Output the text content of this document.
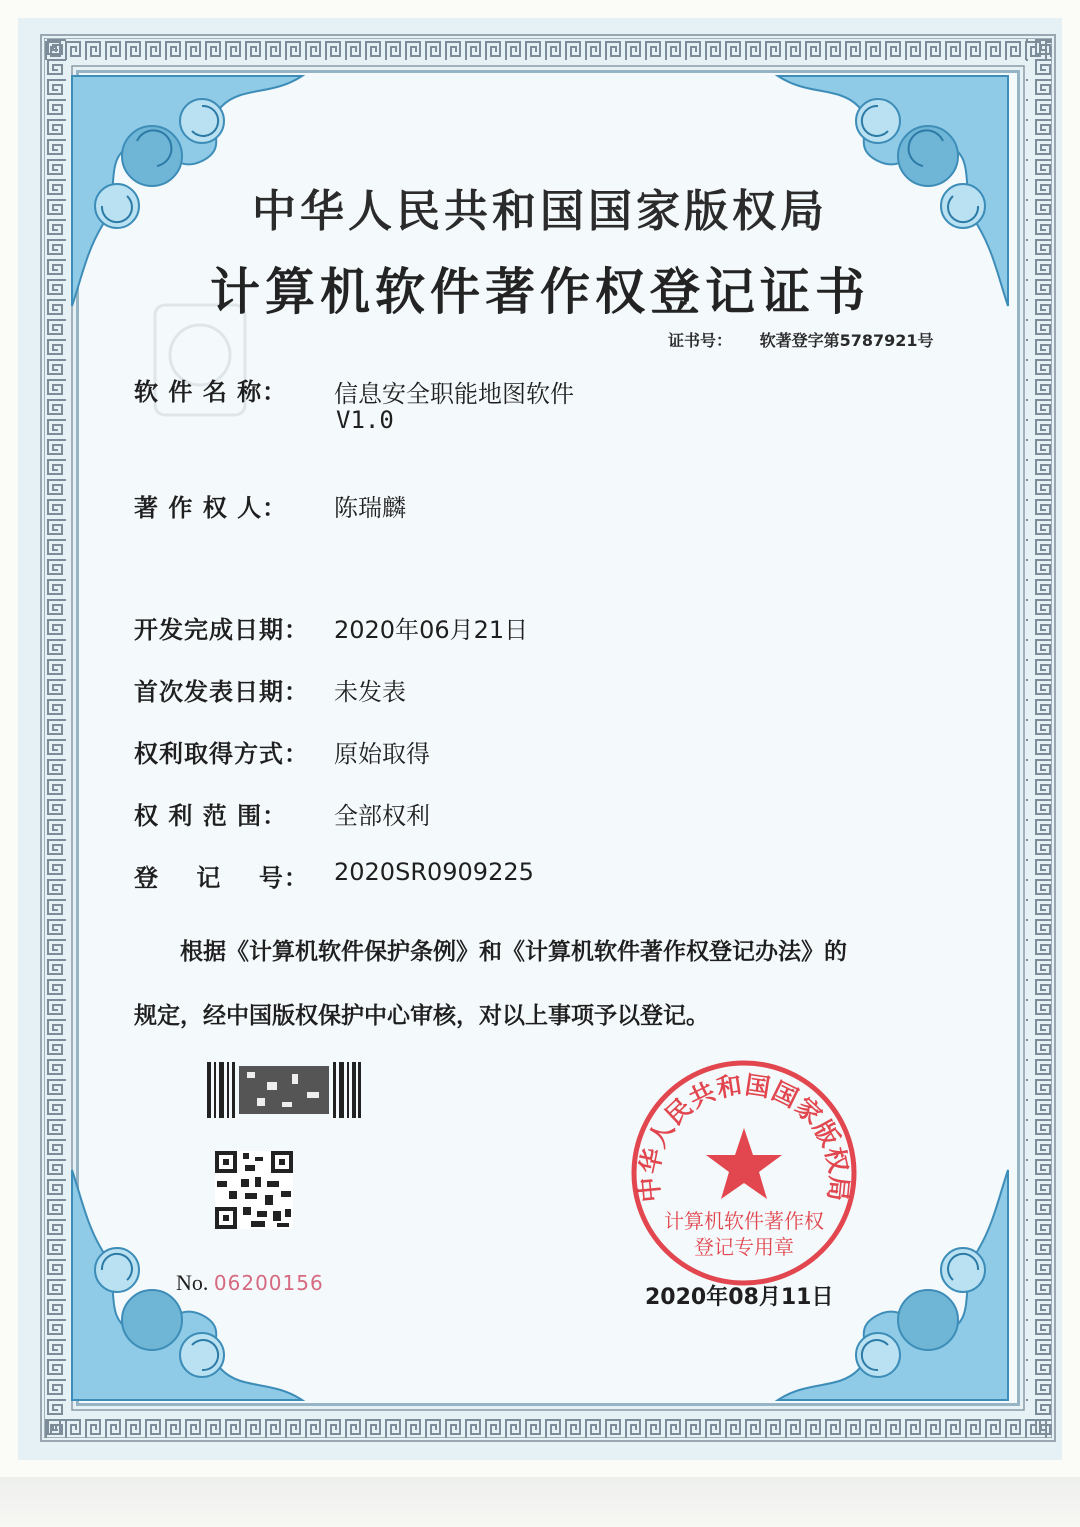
中华人民共和国国家版权局
计算机软件著作权登记证书
证书号： 软著登字第5787921号
软 件 名 称：	信息安全职能地图软件
V1.0
著 作 权 人：	陈瑞麟
开发完成日期： 2020年06月21日
首次发表日期： 未发表
权利取得方式： 原始取得
权 利 范 围：	全部权利
登    记    号： 2020SR0909225
根据《计算机软件保护条例》和《计算机软件著作权登记办法》的
规定，经中国版权保护中心审核，对以上事项予以登记。
No. 06200156
中华人民共和国国家版权局
计算机软件著作权
登记专用章
2020年08月11日
